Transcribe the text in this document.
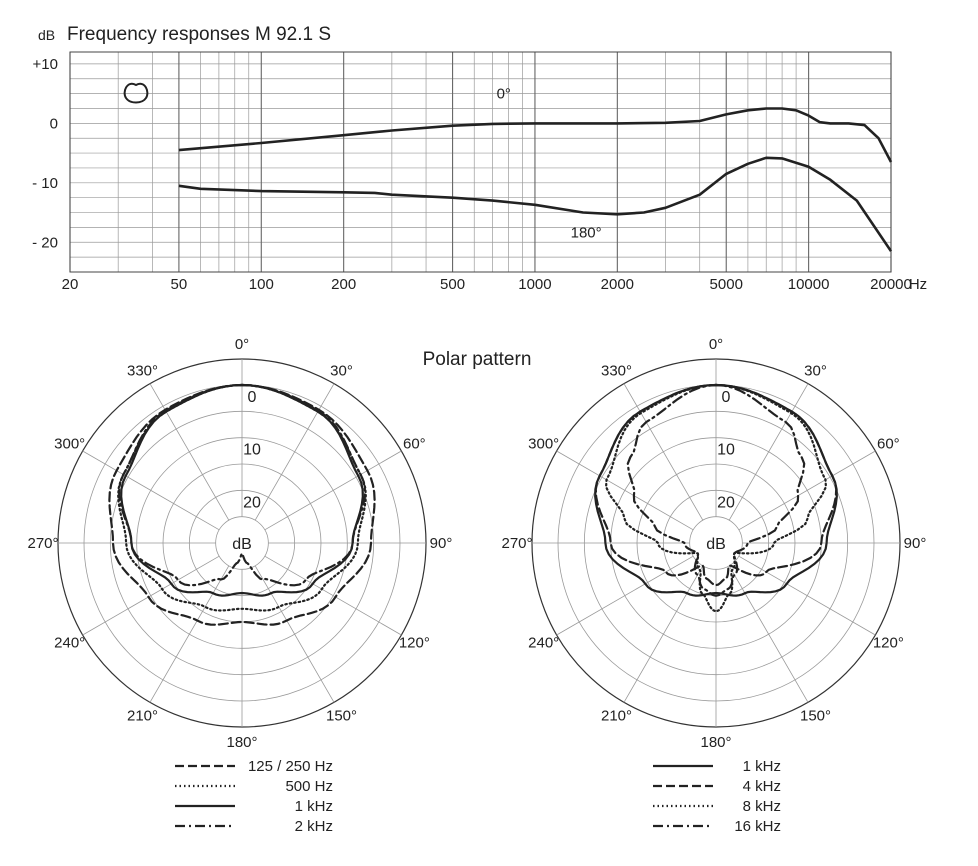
dB Frequency responses M 92.1 S
0°
180°
20	50	100	200	500	1000	2000	5000	10000	20000
Hz
+10
0
- 10
- 20
Polar pattern
0°
30°
60°
90°
120°
150°
180°
210°
240°
270°
300°
330°
0
10
20
dB
0°
30°
60°
90°
120°
150°
180°
210°
240°
270°
300°
330°
0
10
20
dB
125 / 250 Hz
500 Hz
1 kHz
2 kHz
1 kHz
4 kHz
8 kHz
16 kHz
